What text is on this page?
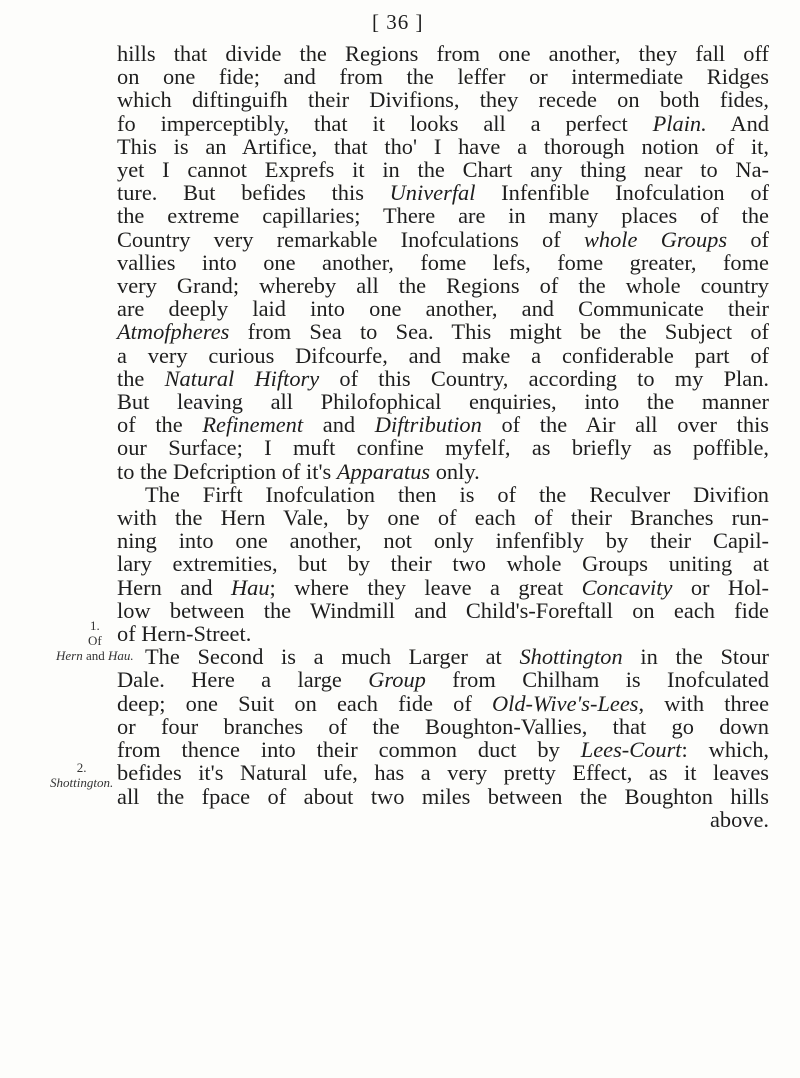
[ 36 ]
hills that divide the Regions from one another, they fall off
on one fide; and from the leffer or intermediate Ridges
which diftinguifh their Divifions, they recede on both fides,
fo imperceptibly, that it looks all a perfect Plain. And
This is an Artifice, that tho' I have a thorough notion of it,
yet I cannot Exprefs it in the Chart any thing near to Na-
ture. But befides this Univerfal Infenfible Inofculation of
the extreme capillaries; There are in many places of the
Country very remarkable Inofculations of whole Groups of
vallies into one another, fome lefs, fome greater, fome
very Grand; whereby all the Regions of the whole country
are deeply laid into one another, and Communicate their
Atmofpheres from Sea to Sea. This might be the Subject of
a very curious Difcourfe, and make a confiderable part of
the Natural Hiftory of this Country, according to my Plan.
But leaving all Philofophical enquiries, into the manner
of the Refinement and Diftribution of the Air all over this
our Surface; I muft confine myfelf, as briefly as poffible,
to the Defcription of it's Apparatus only.
The Firft Inofculation then is of the Reculver Divifion
with the Hern Vale, by one of each of their Branches run-
ning into one another, not only infenfibly by their Capil-
lary extremities, but by their two whole Groups uniting at
Hern and Hau; where they leave a great Concavity or Hol-
low between the Windmill and Child's-Foreftall on each fide
of Hern-Street.
The Second is a much Larger at Shottington in the Stour
Dale. Here a large Group from Chilham is Inofculated
deep; one Suit on each fide of Old-Wive's-Lees, with three
or four branches of the Boughton-Vallies, that go down
from thence into their common duct by Lees-Court: which,
befides it's Natural ufe, has a very pretty Effect, as it leaves
all the fpace of about two miles between the Boughton hills
above.
1.
Of
Hern and Hau.
2.
Shottington.
